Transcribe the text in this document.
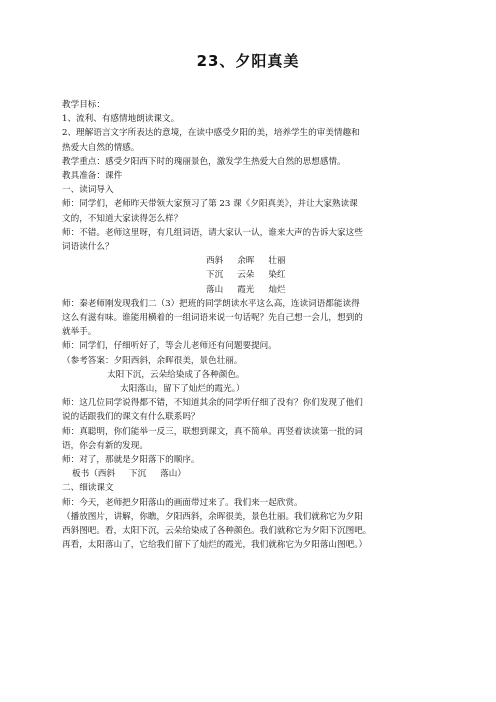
23、夕阳真美
教学目标：
1、流利、有感情地朗读课文。
2、理解语言文字所表达的意境，在读中感受夕阳的美，培养学生的审美情趣和
热爱大自然的情感。
教学重点：感受夕阳西下时的瑰丽景色，激发学生热爱大自然的思想感情。
教具准备：课件
一、读词导入
师：同学们，老师昨天带领大家预习了第 23 课《夕阳真美》，并让大家熟读课
文的，不知道大家读得怎么样？
师：不错。老师这里呀，有几组词语，请大家认一认，谁来大声的告诉大家这些
词语读什么？
西斜 余晖 壮丽
下沉 云朵 染红
落山 霞光 灿烂
师：秦老师刚发现我们二（3）把班的同学朗读水平这么高，连读词语都能读得
这么有滋有味。谁能用横着的一组词语来说一句话呢？先自己想一会儿，想到的
就举手。
师：同学们，仔细听好了，等会儿老师还有问题要提问。
（参考答案：夕阳西斜，余晖很美，景色壮丽。
太阳下沉，云朵给染成了各种颜色。
太阳落山，留下了灿烂的霞光。）
师：这几位同学说得都不错，不知道其余的同学听仔细了没有？你们发现了他们
说的话跟我们的课文有什么联系吗？
师：真聪明，你们能举一反三，联想到课文，真不简单。再竖着读读第一批的词
语，你会有新的发现。
师：对了，那就是夕阳落下的顺序。
板书（西斜 下沉 落山）
二、细读课文
师：今天，老师把夕阳落山的画面带过来了。我们来一起欣赏。
（播放图片，讲解，你瞧，夕阳西斜，余晖很美，景色壮丽。我们就称它为夕阳
西斜图吧。看，太阳下沉，云朵给染成了各种颜色。我们就称它为夕阳下沉图吧。
再看，太阳落山了，它给我们留下了灿烂的霞光，我们就称它为夕阳落山图吧。）
